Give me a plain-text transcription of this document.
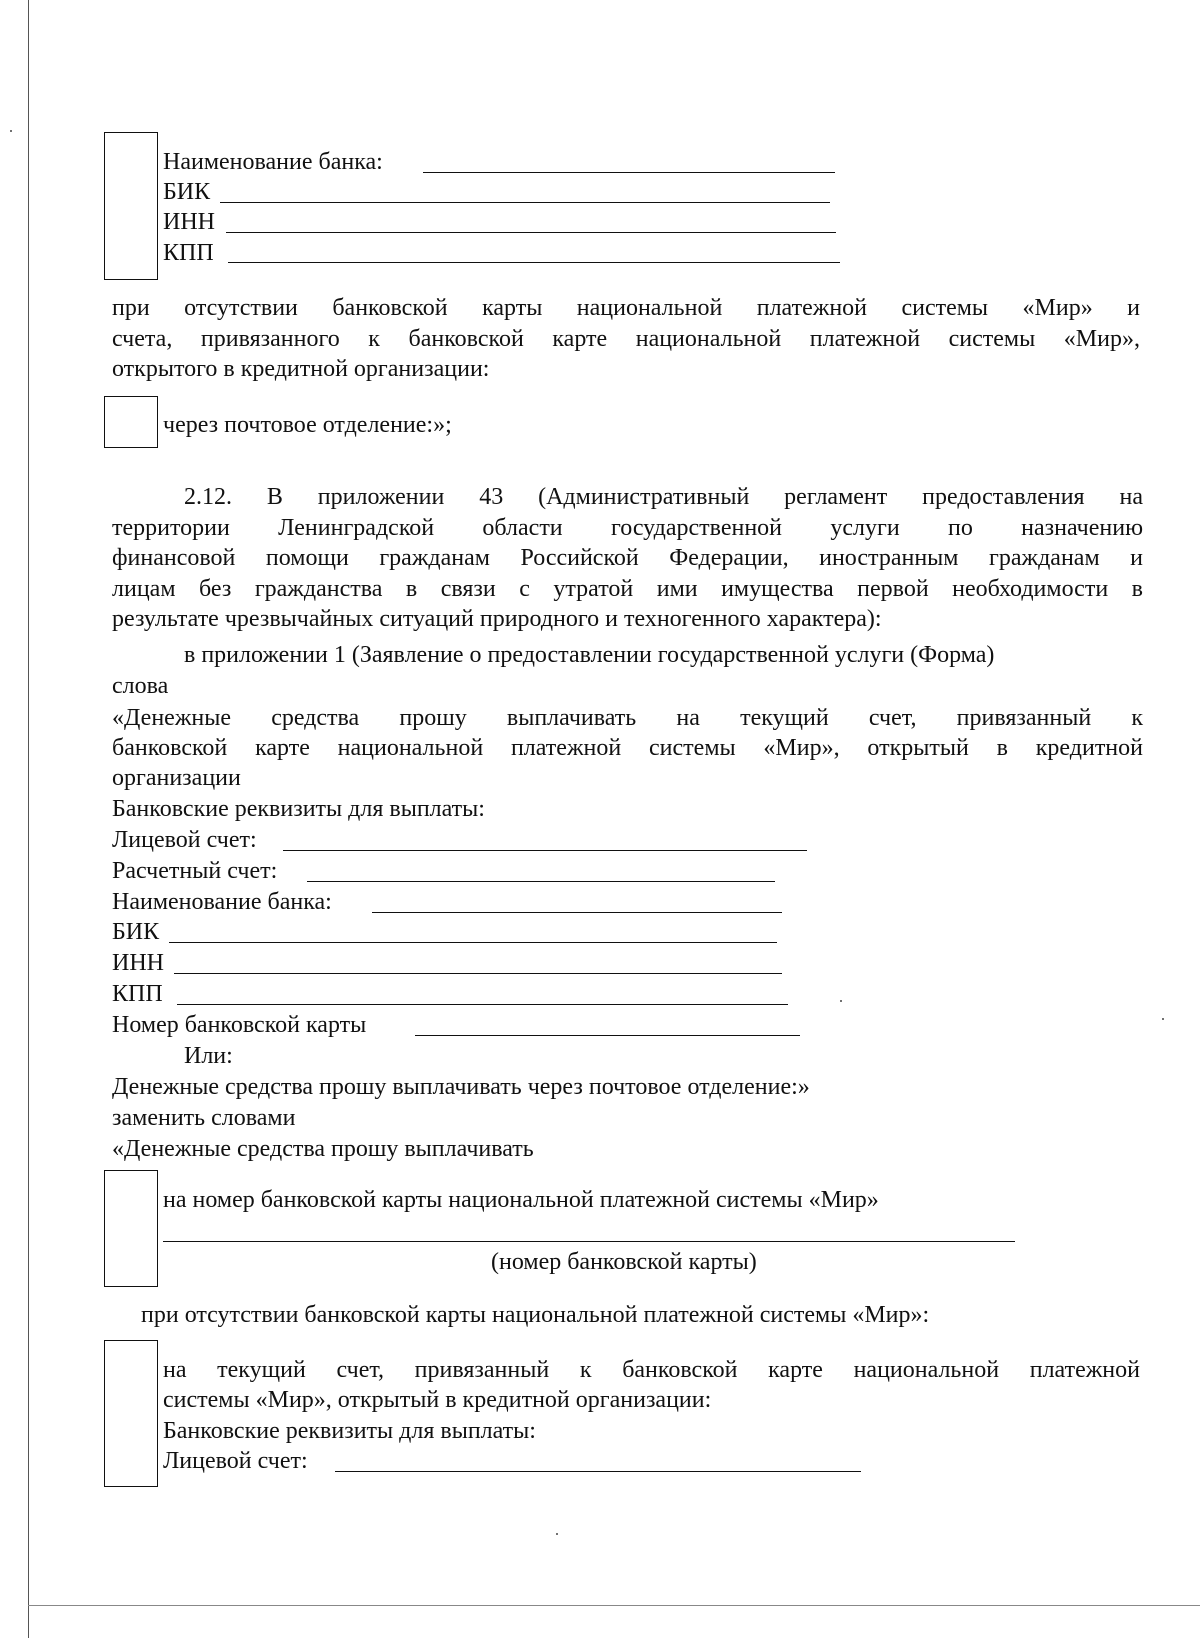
Наименование банка:
БИК
ИНН
КПП
при отсутствии банковской карты национальной платежной системы «Мир» и
счета, привязанного к банковской карте национальной платежной системы «Мир»,
открытого в кредитной организации:
через почтовое отделение:»;
2.12. В приложении 43 (Административный регламент предоставления на
территории Ленинградской области государственной услуги по назначению
финансовой помощи гражданам Российской Федерации, иностранным гражданам и
лицам без гражданства в связи с утратой ими имущества первой необходимости в
результате чрезвычайных ситуаций природного и техногенного характера):
в приложении 1 (Заявление о предоставлении государственной услуги (Форма)
слова
«Денежные средства прошу выплачивать на текущий счет, привязанный к
банковской карте национальной платежной системы «Мир», открытый в кредитной
организации
Банковские реквизиты для выплаты:
Лицевой счет:
Расчетный счет:
Наименование банка:
БИК
ИНН
КПП
Номер банковской карты
Или:
Денежные средства прошу выплачивать через почтовое отделение:»
заменить словами
«Денежные средства прошу выплачивать
на номер банковской карты национальной платежной системы «Мир»
(номер банковской карты)
при отсутствии банковской карты национальной платежной системы «Мир»:
на текущий счет, привязанный к банковской карте национальной платежной
системы «Мир», открытый в кредитной организации:
Банковские реквизиты для выплаты:
Лицевой счет:
